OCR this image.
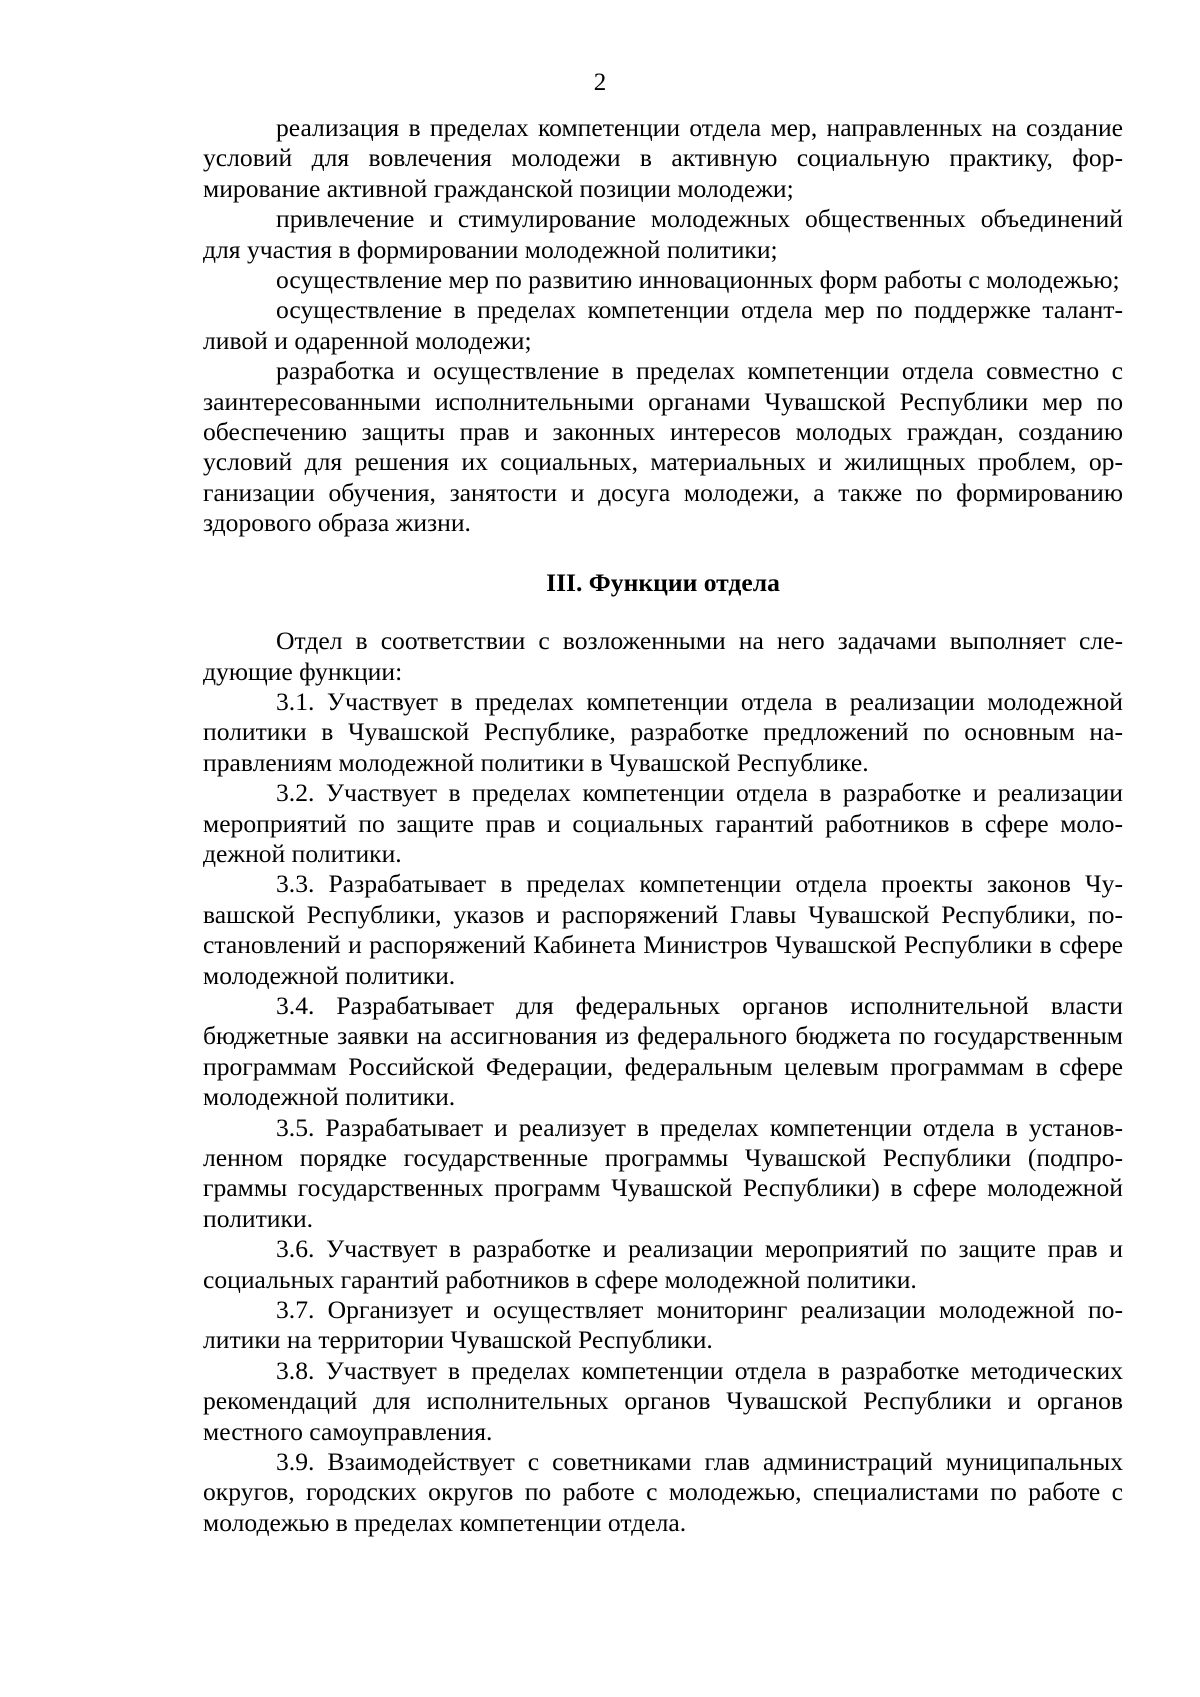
2

реализация в пределах компетенции отдела мер, направленных на создание условий для вовлечения молодежи в активную социальную практику, формирование активной гражданской позиции молодежи;

привлечение и стимулирование молодежных общественных объединений для участия в формировании молодежной политики;

осуществление мер по развитию инновационных форм работы с молодежью;

осуществление в пределах компетенции отдела мер по поддержке талантливой и одаренной молодежи;

разработка и осуществление в пределах компетенции отдела совместно с заинтересованными исполнительными органами Чувашской Республики мер по обеспечению защиты прав и законных интересов молодых граждан, созданию условий для решения их социальных, материальных и жилищных проблем, организации обучения, занятости и досуга молодежи, а также по формированию здорового образа жизни.

III. Функции отдела

Отдел в соответствии с возложенными на него задачами выполняет следующие функции:

3.1. Участвует в пределах компетенции отдела в реализации молодежной политики в Чувашской Республике, разработке предложений по основным направлениям молодежной политики в Чувашской Республике.

3.2. Участвует в пределах компетенции отдела в разработке и реализации мероприятий по защите прав и социальных гарантий работников в сфере молодежной политики.

3.3. Разрабатывает в пределах компетенции отдела проекты законов Чувашской Республики, указов и распоряжений Главы Чувашской Республики, постановлений и распоряжений Кабинета Министров Чувашской Республики в сфере молодежной политики.

3.4. Разрабатывает для федеральных органов исполнительной власти бюджетные заявки на ассигнования из федерального бюджета по государственным программам Российской Федерации, федеральным целевым программам в сфере молодежной политики.

3.5. Разрабатывает и реализует в пределах компетенции отдела в установленном порядке государственные программы Чувашской Республики (подпрограммы государственных программ Чувашской Республики) в сфере молодежной политики.

3.6. Участвует в разработке и реализации мероприятий по защите прав и социальных гарантий работников в сфере молодежной политики.

3.7. Организует и осуществляет мониторинг реализации молодежной политики на территории Чувашской Республики.

3.8. Участвует в пределах компетенции отдела в разработке методических рекомендаций для исполнительных органов Чувашской Республики и органов местного самоуправления.

3.9. Взаимодействует с советниками глав администраций муниципальных округов, городских округов по работе с молодежью, специалистами по работе с молодежью в пределах компетенции отдела.
